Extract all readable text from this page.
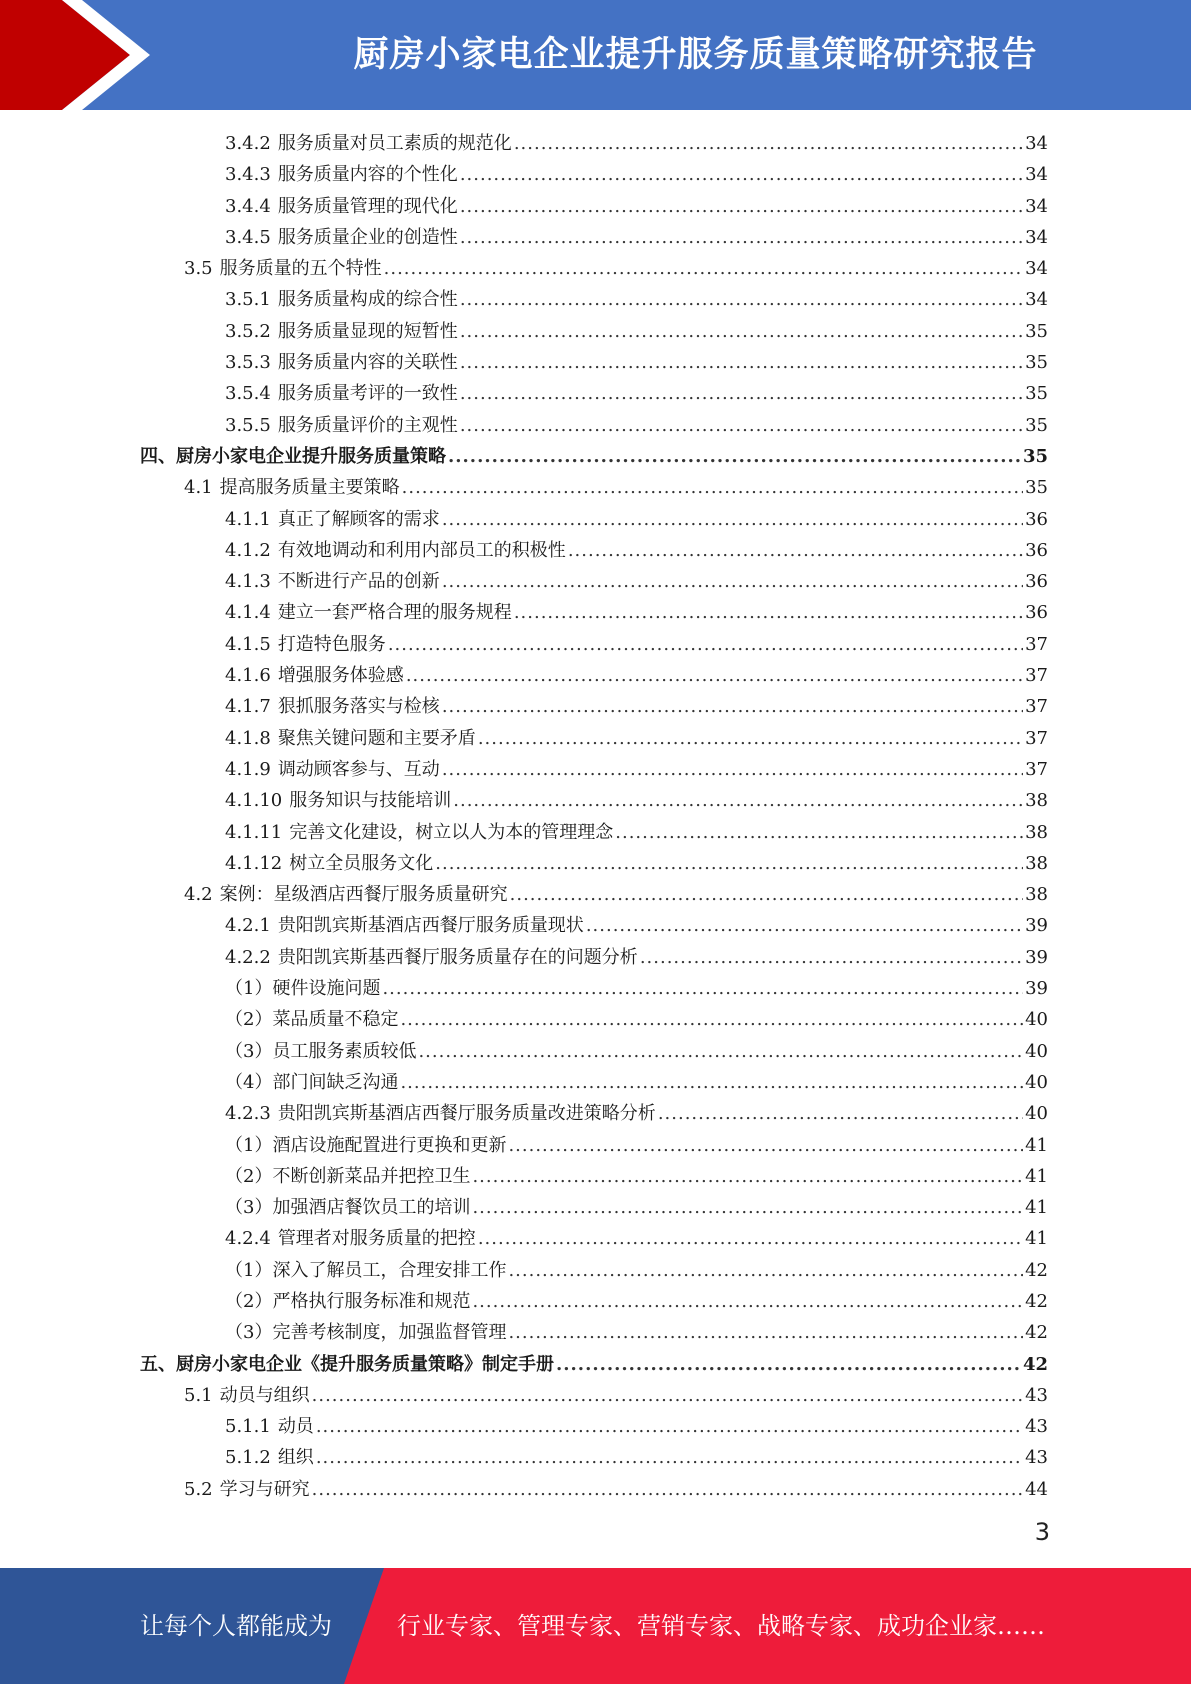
厨房小家电企业提升服务质量策略研究报告
3.4.2 服务质量对员工素质的规范化 .....	34
3.4.3 服务质量内容的个性化 .....	34
3.4.4 服务质量管理的现代化 .....	34
3.4.5 服务质量企业的创造性 .....	34
3.5 服务质量的五个特性 .....	34
3.5.1 服务质量构成的综合性 .....	34
3.5.2 服务质量显现的短暂性 .....	35
3.5.3 服务质量内容的关联性 .....	35
3.5.4 服务质量考评的一致性 .....	35
3.5.5 服务质量评价的主观性 .....	35
四、厨房小家电企业提升服务质量策略 .....	35
4.1 提高服务质量主要策略 .....	35
4.1.1 真正了解顾客的需求 .....	36
4.1.2 有效地调动和利用内部员工的积极性 .....	36
4.1.3 不断进行产品的创新 .....	36
4.1.4 建立一套严格合理的服务规程 .....	36
4.1.5 打造特色服务 .....	37
4.1.6 增强服务体验感 .....	37
4.1.7 狠抓服务落实与检核 .....	37
4.1.8 聚焦关键问题和主要矛盾 .....	37
4.1.9 调动顾客参与、互动 .....	37
4.1.10 服务知识与技能培训 .....	38
4.1.11 完善文化建设，树立以人为本的管理理念 .....	38
4.1.12 树立全员服务文化 .....	38
4.2 案例：星级酒店西餐厅服务质量研究 .....	38
4.2.1 贵阳凯宾斯基酒店西餐厅服务质量现状 .....	39
4.2.2 贵阳凯宾斯基西餐厅服务质量存在的问题分析 .....	39
（1）硬件设施问题 .....	39
（2）菜品质量不稳定 .....	40
（3）员工服务素质较低 .....	40
（4）部门间缺乏沟通 .....	40
4.2.3 贵阳凯宾斯基酒店西餐厅服务质量改进策略分析 .....	40
（1）酒店设施配置进行更换和更新 .....	41
（2）不断创新菜品并把控卫生 .....	41
（3）加强酒店餐饮员工的培训 .....	41
4.2.4 管理者对服务质量的把控 .....	41
（1）深入了解员工，合理安排工作 .....	42
（2）严格执行服务标准和规范 .....	42
（3）完善考核制度，加强监督管理 .....	42
五、厨房小家电企业《提升服务质量策略》制定手册 .....	42
5.1 动员与组织 .....	43
5.1.1 动员 .....	43
5.1.2 组织 .....	43
5.2 学习与研究 .....	44
3
让每个人都能成为	行业专家、管理专家、营销专家、战略专家、成功企业家……
